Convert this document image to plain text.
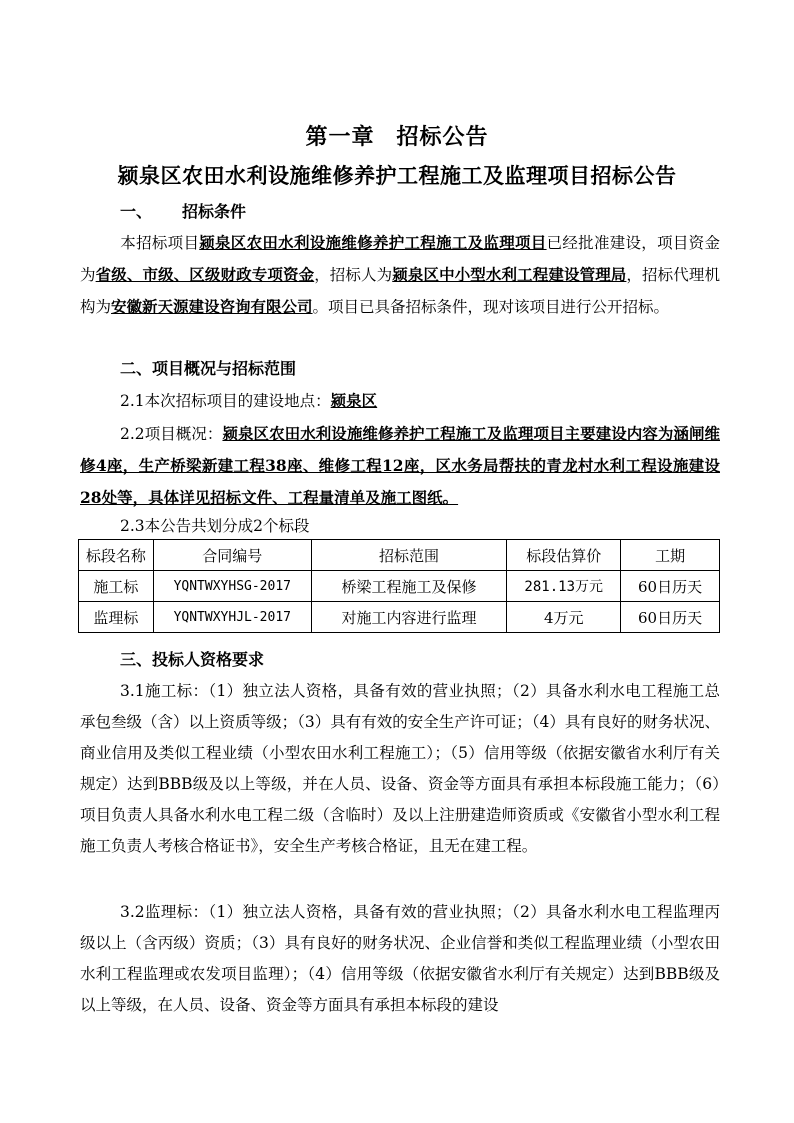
第一章 招标公告
颍泉区农田水利设施维修养护工程施工及监理项目招标公告
一、 招标条件
本招标项目颍泉区农田水利设施维修养护工程施工及监理项目已经批准建设，项目资金为省级、市级、区级财政专项资金，招标人为颍泉区中小型水利工程建设管理局，招标代理机构为安徽新天源建设咨询有限公司。项目已具备招标条件，现对该项目进行公开招标。
二、项目概况与招标范围
2.1本次招标项目的建设地点：颍泉区
2.2项目概况：颍泉区农田水利设施维修养护工程施工及监理项目主要建设内容为涵闸维修4座，生产桥梁新建工程38座、维修工程12座，区水务局帮扶的青龙村水利工程设施建设28处等，具体详见招标文件、工程量清单及施工图纸。
2.3本公告共划分成2个标段
标段名称	合同编号	招标范围	标段估算价	工期
施工标	YQNTWXYHSG-2017	桥梁工程施工及保修	281.13万元	60日历天
监理标	YQNTWXYHJL-2017	对施工内容进行监理	4万元	60日历天
三、投标人资格要求
3.1施工标：（1）独立法人资格，具备有效的营业执照；（2）具备水利水电工程施工总承包叁级（含）以上资质等级；（3）具有有效的安全生产许可证；（4）具有良好的财务状况、商业信用及类似工程业绩（小型农田水利工程施工）；（5）信用等级（依据安徽省水利厅有关规定）达到BBB级及以上等级，并在人员、设备、资金等方面具有承担本标段施工能力；（6）项目负责人具备水利水电工程二级（含临时）及以上注册建造师资质或《安徽省小型水利工程施工负责人考核合格证书》，安全生产考核合格证，且无在建工程。
3.2监理标：（1）独立法人资格，具备有效的营业执照；（2）具备水利水电工程监理丙级以上（含丙级）资质；（3）具有良好的财务状况、企业信誉和类似工程监理业绩（小型农田水利工程监理或农发项目监理）；（4）信用等级（依据安徽省水利厅有关规定）达到BBB级及以上等级，在人员、设备、资金等方面具有承担本标段的建设
